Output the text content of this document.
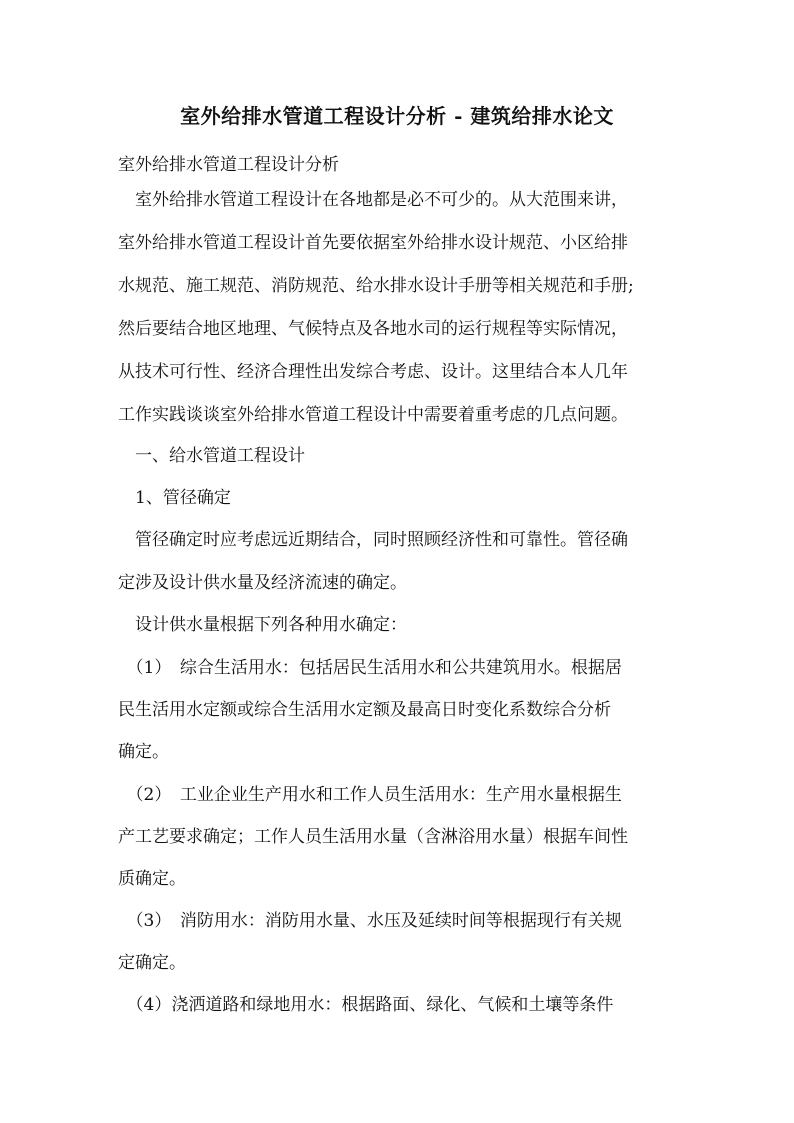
室外给排水管道工程设计分析 - 建筑给排水论文
室外给排水管道工程设计分析
　室外给排水管道工程设计在各地都是必不可少的。从大范围来讲，
室外给排水管道工程设计首先要依据室外给排水设计规范、小区给排
水规范、施工规范、消防规范、给水排水设计手册等相关规范和手册;
然后要结合地区地理、气候特点及各地水司的运行规程等实际情况，
从技术可行性、经济合理性出发综合考虑、设计。这里结合本人几年
工作实践谈谈室外给排水管道工程设计中需要着重考虑的几点问题。
　一、给水管道工程设计
　1、管径确定
　管径确定时应考虑远近期结合，同时照顾经济性和可靠性。管径确
定涉及设计供水量及经济流速的确定。
　设计供水量根据下列各种用水确定：
　（1）　综合生活用水：包括居民生活用水和公共建筑用水。根据居
民生活用水定额或综合生活用水定额及最高日时变化系数综合分析
确定。
　（2）　工业企业生产用水和工作人员生活用水：生产用水量根据生
产工艺要求确定；工作人员生活用水量（含淋浴用水量）根据车间性
质确定。
　（3）　消防用水：消防用水量、水压及延续时间等根据现行有关规
定确定。
　（4）浇洒道路和绿地用水：根据路面、绿化、气候和土壤等条件
